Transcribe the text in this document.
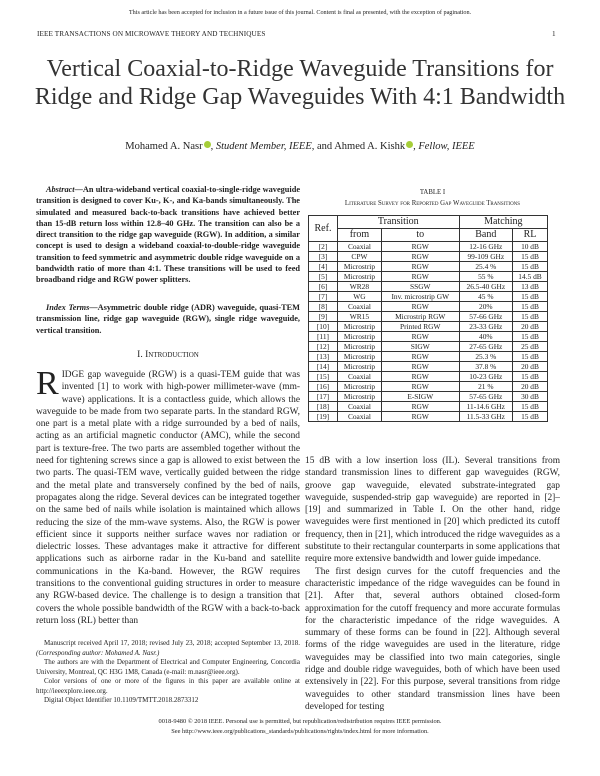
This article has been accepted for inclusion in a future issue of this journal. Content is final as presented, with the exception of pagination.
IEEE TRANSACTIONS ON MICROWAVE THEORY AND TECHNIQUES	1
Vertical Coaxial-to-Ridge Waveguide Transitions for Ridge and Ridge Gap Waveguides With 4:1 Bandwidth
Mohamed A. Nasr , Student Member, IEEE, and Ahmed A. Kishk , Fellow, IEEE
Abstract—An ultra-wideband vertical coaxial-to-single-ridge waveguide transition is designed to cover Ku-, K-, and Ka-bands simultaneously. The simulated and measured back-to-back transitions have achieved better than 15-dB return loss within 12.8–40 GHz. The transition can also be a direct transition to the ridge gap waveguide (RGW). In addition, a similar concept is used to design a wideband coaxial-to-double-ridge waveguide transition to feed symmetric and asymmetric double ridge waveguide on a bandwidth ratio of more than 4:1. These transitions will be used to feed broadband ridge and RGW power splitters.
Index Terms—Asymmetric double ridge (ADR) waveguide, quasi-TEM transmission line, ridge gap waveguide (RGW), single ridge waveguide, vertical transition.
I. Introduction
RIDGE gap waveguide (RGW) is a quasi-TEM guide that was invented [1] to work with high-power millimeter-wave (mm-wave) applications. It is a contactless guide, which allows the waveguide to be made from two separate parts. In the standard RGW, one part is a metal plate with a ridge surrounded by a bed of nails, acting as an artificial magnetic conductor (AMC), while the second part is texture-free. The two parts are assembled together without the need for tightening screws since a gap is allowed to exist between the two parts. The quasi-TEM wave, vertically guided between the ridge and the metal plate and transversely confined by the bed of nails, propagates along the ridge. Several devices can be integrated together on the same bed of nails while isolation is maintained which allows reducing the size of the mm-wave systems. Also, the RGW is power efficient since it supports neither surface waves nor radiation or dielectric losses. These advantages make it attractive for different applications such as airborne radar in the Ku-band and satellite communications in the Ka-band. However, the RGW requires transitions to the conventional guiding structures in order to measure any RGW-based device. The challenge is to design a transition that covers the whole possible bandwidth of the RGW with a back-to-back return loss (RL) better than

Manuscript received April 17, 2018; revised July 23, 2018; accepted September 13, 2018. (Corresponding author: Mohamed A. Nasr.)

The authors are with the Department of Electrical and Computer Engineering, Concordia University, Montreal, QC H3G 1M8, Canada (e-mail: m.nasr@ieee.org).

Color versions of one or more of the figures in this paper are available online at http://ieeexplore.ieee.org.

Digital Object Identifier 10.1109/TMTT.2018.2873312

TABLE I
Literature Survey for Reported Gap Waveguide Transitions
Ref.	Transition		Matching	
	from	to	Band	RL
[2]	Coaxial	RGW	12-16 GHz	10 dB
[3]	CPW	RGW	99-109 GHz	15 dB
[4]	Microstrip	RGW	25.4 %	15 dB
[5]	Microstrip	RGW	55 %	14.5 dB
[6]	WR28	SSGW	26.5-40 GHz	13 dB
[7]	WG	Inv. microstrip GW	45 %	15 dB
[8]	Coaxial	RGW	20%	15 dB
[9]	WR15	Microstrip RGW	57-66 GHz	15 dB
[10]	Microstrip	Printed RGW	23-33 GHz	20 dB
[11]	Microstrip	RGW	40%	15 dB
[12]	Microstrip	SIGW	27-65 GHz	25 dB
[13]	Microstrip	RGW	25.3 %	15 dB
[14]	Microstrip	RGW	37.8 %	20 dB
[15]	Coaxial	RGW	10-23 GHz	15 dB
[16]	Microstrip	RGW	21 %	20 dB
[17]	Microstrip	E-SIGW	57-65 GHz	30 dB
[18]	Coaxial	RGW	11-14.6 GHz	15 dB
[19]	Coaxial	RGW	11.5-33 GHz	15 dB

15 dB with a low insertion loss (IL). Several transitions from standard transmission lines to different gap waveguides (RGW, groove gap waveguide, elevated substrate-integrated gap waveguide, suspended-strip gap waveguide) are reported in [2]–[19] and summarized in Table I. On the other hand, ridge waveguides were first mentioned in [20] which predicted its cutoff frequency, then in [21], which introduced the ridge waveguides as a substitute to their rectangular counterparts in some applications that require more extensive bandwidth and lower guide impedance.

The first design curves for the cutoff frequencies and the characteristic impedance of the ridge waveguides can be found in [21]. After that, several authors obtained closed-form approximation for the cutoff frequency and more accurate formulas for the characteristic impedance of the ridge waveguides. A summary of these forms can be found in [22]. Although several forms of the ridge waveguides are used in the literature, ridge waveguides may be classified into two main categories, single ridge and double ridge waveguides, both of which have been used extensively in [22]. For this purpose, several transitions from ridge waveguides to other standard transmission lines have been developed for testing

0018-9480 © 2018 IEEE. Personal use is permitted, but republication/redistribution requires IEEE permission.
See http://www.ieee.org/publications_standards/publications/rights/index.html for more information.
